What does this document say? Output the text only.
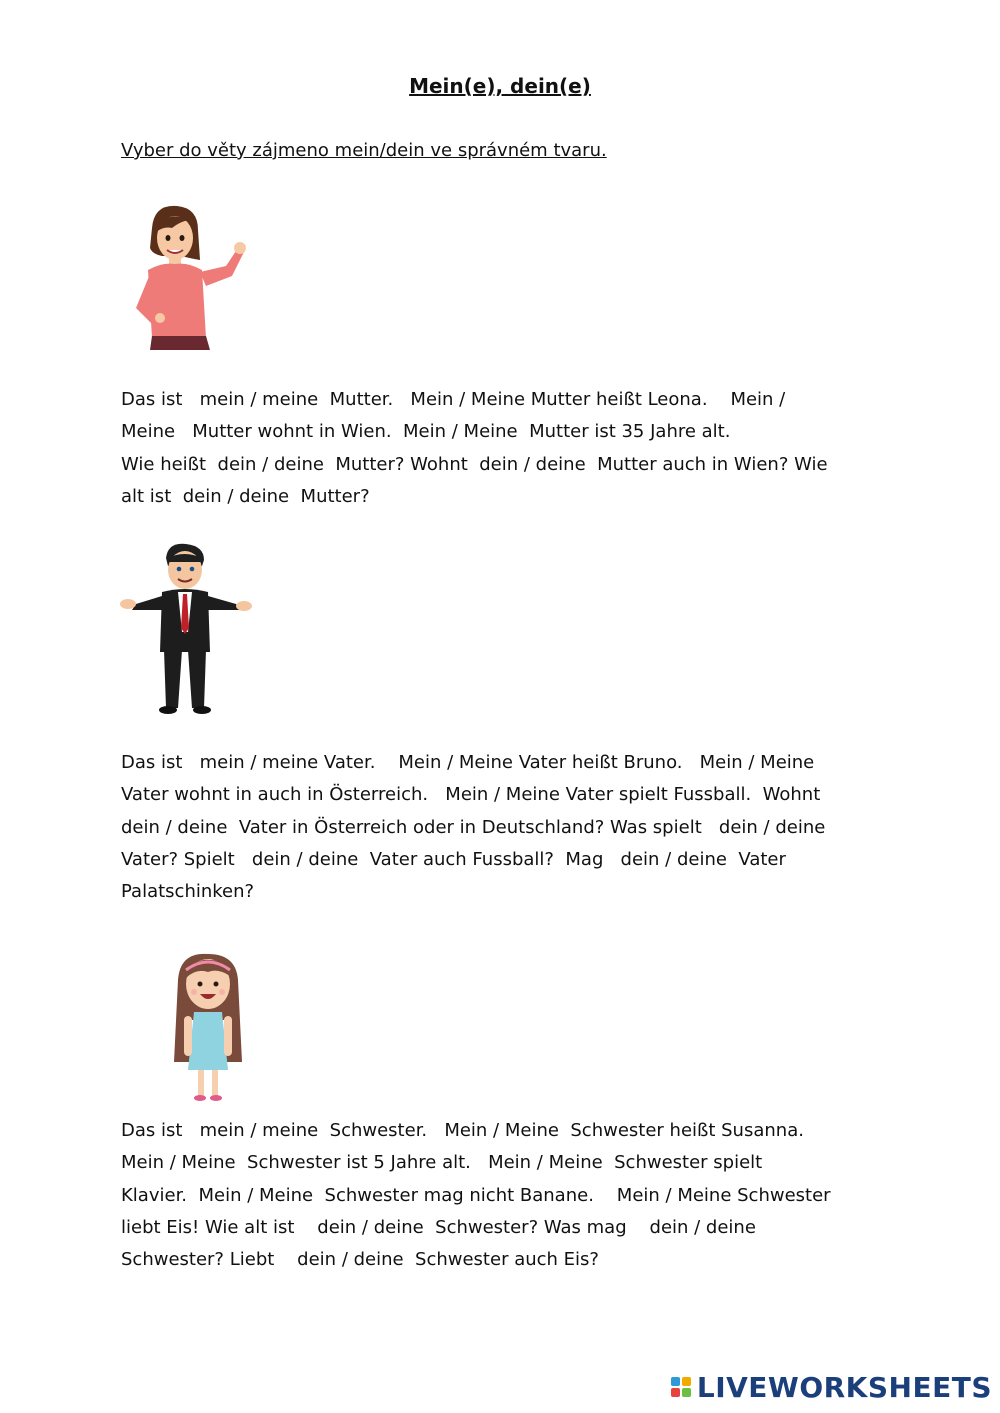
Mein(e), dein(e)
Vyber do věty zájmeno mein/dein ve správném tvaru.
Das ist   mein / meine  Mutter.   Mein / Meine Mutter heißt Leona.    Mein /
Meine   Mutter wohnt in Wien.  Mein / Meine  Mutter ist 35 Jahre alt.
Wie heißt  dein / deine  Mutter? Wohnt  dein / deine  Mutter auch in Wien? Wie
alt ist  dein / deine  Mutter?
Das ist   mein / meine Vater.    Mein / Meine Vater heißt Bruno.   Mein / Meine
Vater wohnt in auch in Österreich.   Mein / Meine Vater spielt Fussball.  Wohnt
dein / deine  Vater in Österreich oder in Deutschland? Was spielt   dein / deine
Vater? Spielt   dein / deine  Vater auch Fussball?  Mag   dein / deine  Vater
Palatschinken?
Das ist   mein / meine  Schwester.   Mein / Meine  Schwester heißt Susanna.
Mein / Meine  Schwester ist 5 Jahre alt.   Mein / Meine  Schwester spielt
Klavier.  Mein / Meine  Schwester mag nicht Banane.    Mein / Meine Schwester
liebt Eis! Wie alt ist    dein / deine  Schwester? Was mag    dein / deine
Schwester? Liebt    dein / deine  Schwester auch Eis?
LIVEWORKSHEETS
